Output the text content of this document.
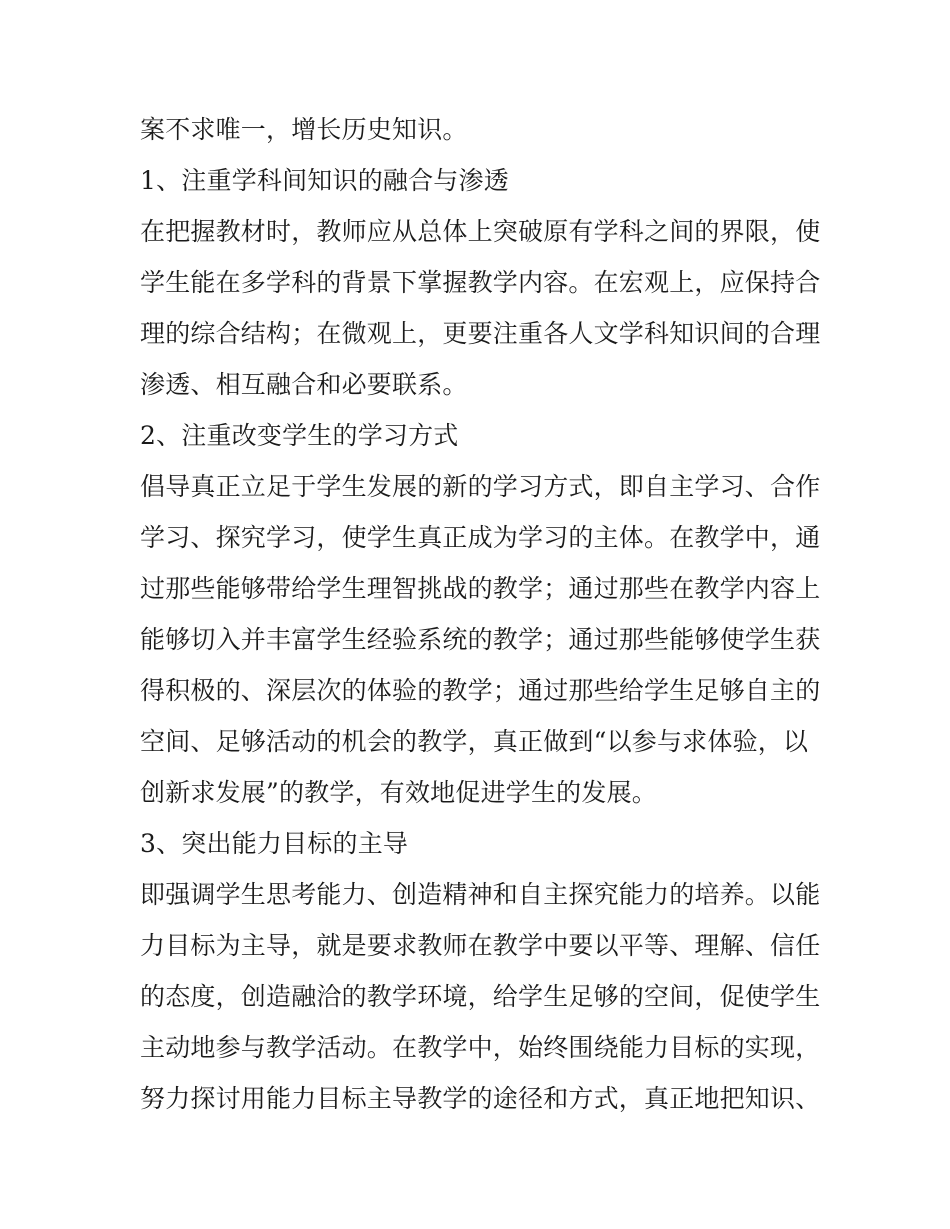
案不求唯一，增长历史知识。
1、注重学科间知识的融合与渗透
在把握教材时，教师应从总体上突破原有学科之间的界限，使
学生能在多学科的背景下掌握教学内容。在宏观上，应保持合
理的综合结构；在微观上，更要注重各人文学科知识间的合理
渗透、相互融合和必要联系。
2、注重改变学生的学习方式
倡导真正立足于学生发展的新的学习方式，即自主学习、合作
学习、探究学习，使学生真正成为学习的主体。在教学中，通
过那些能够带给学生理智挑战的教学；通过那些在教学内容上
能够切入并丰富学生经验系统的教学；通过那些能够使学生获
得积极的、深层次的体验的教学；通过那些给学生足够自主的
空间、足够活动的机会的教学，真正做到“以参与求体验，以
创新求发展”的教学，有效地促进学生的发展。
3、突出能力目标的主导
即强调学生思考能力、创造精神和自主探究能力的培养。以能
力目标为主导，就是要求教师在教学中要以平等、理解、信任
的态度，创造融洽的教学环境，给学生足够的空间，促使学生
主动地参与教学活动。在教学中，始终围绕能力目标的实现，
努力探讨用能力目标主导教学的途径和方式，真正地把知识、
